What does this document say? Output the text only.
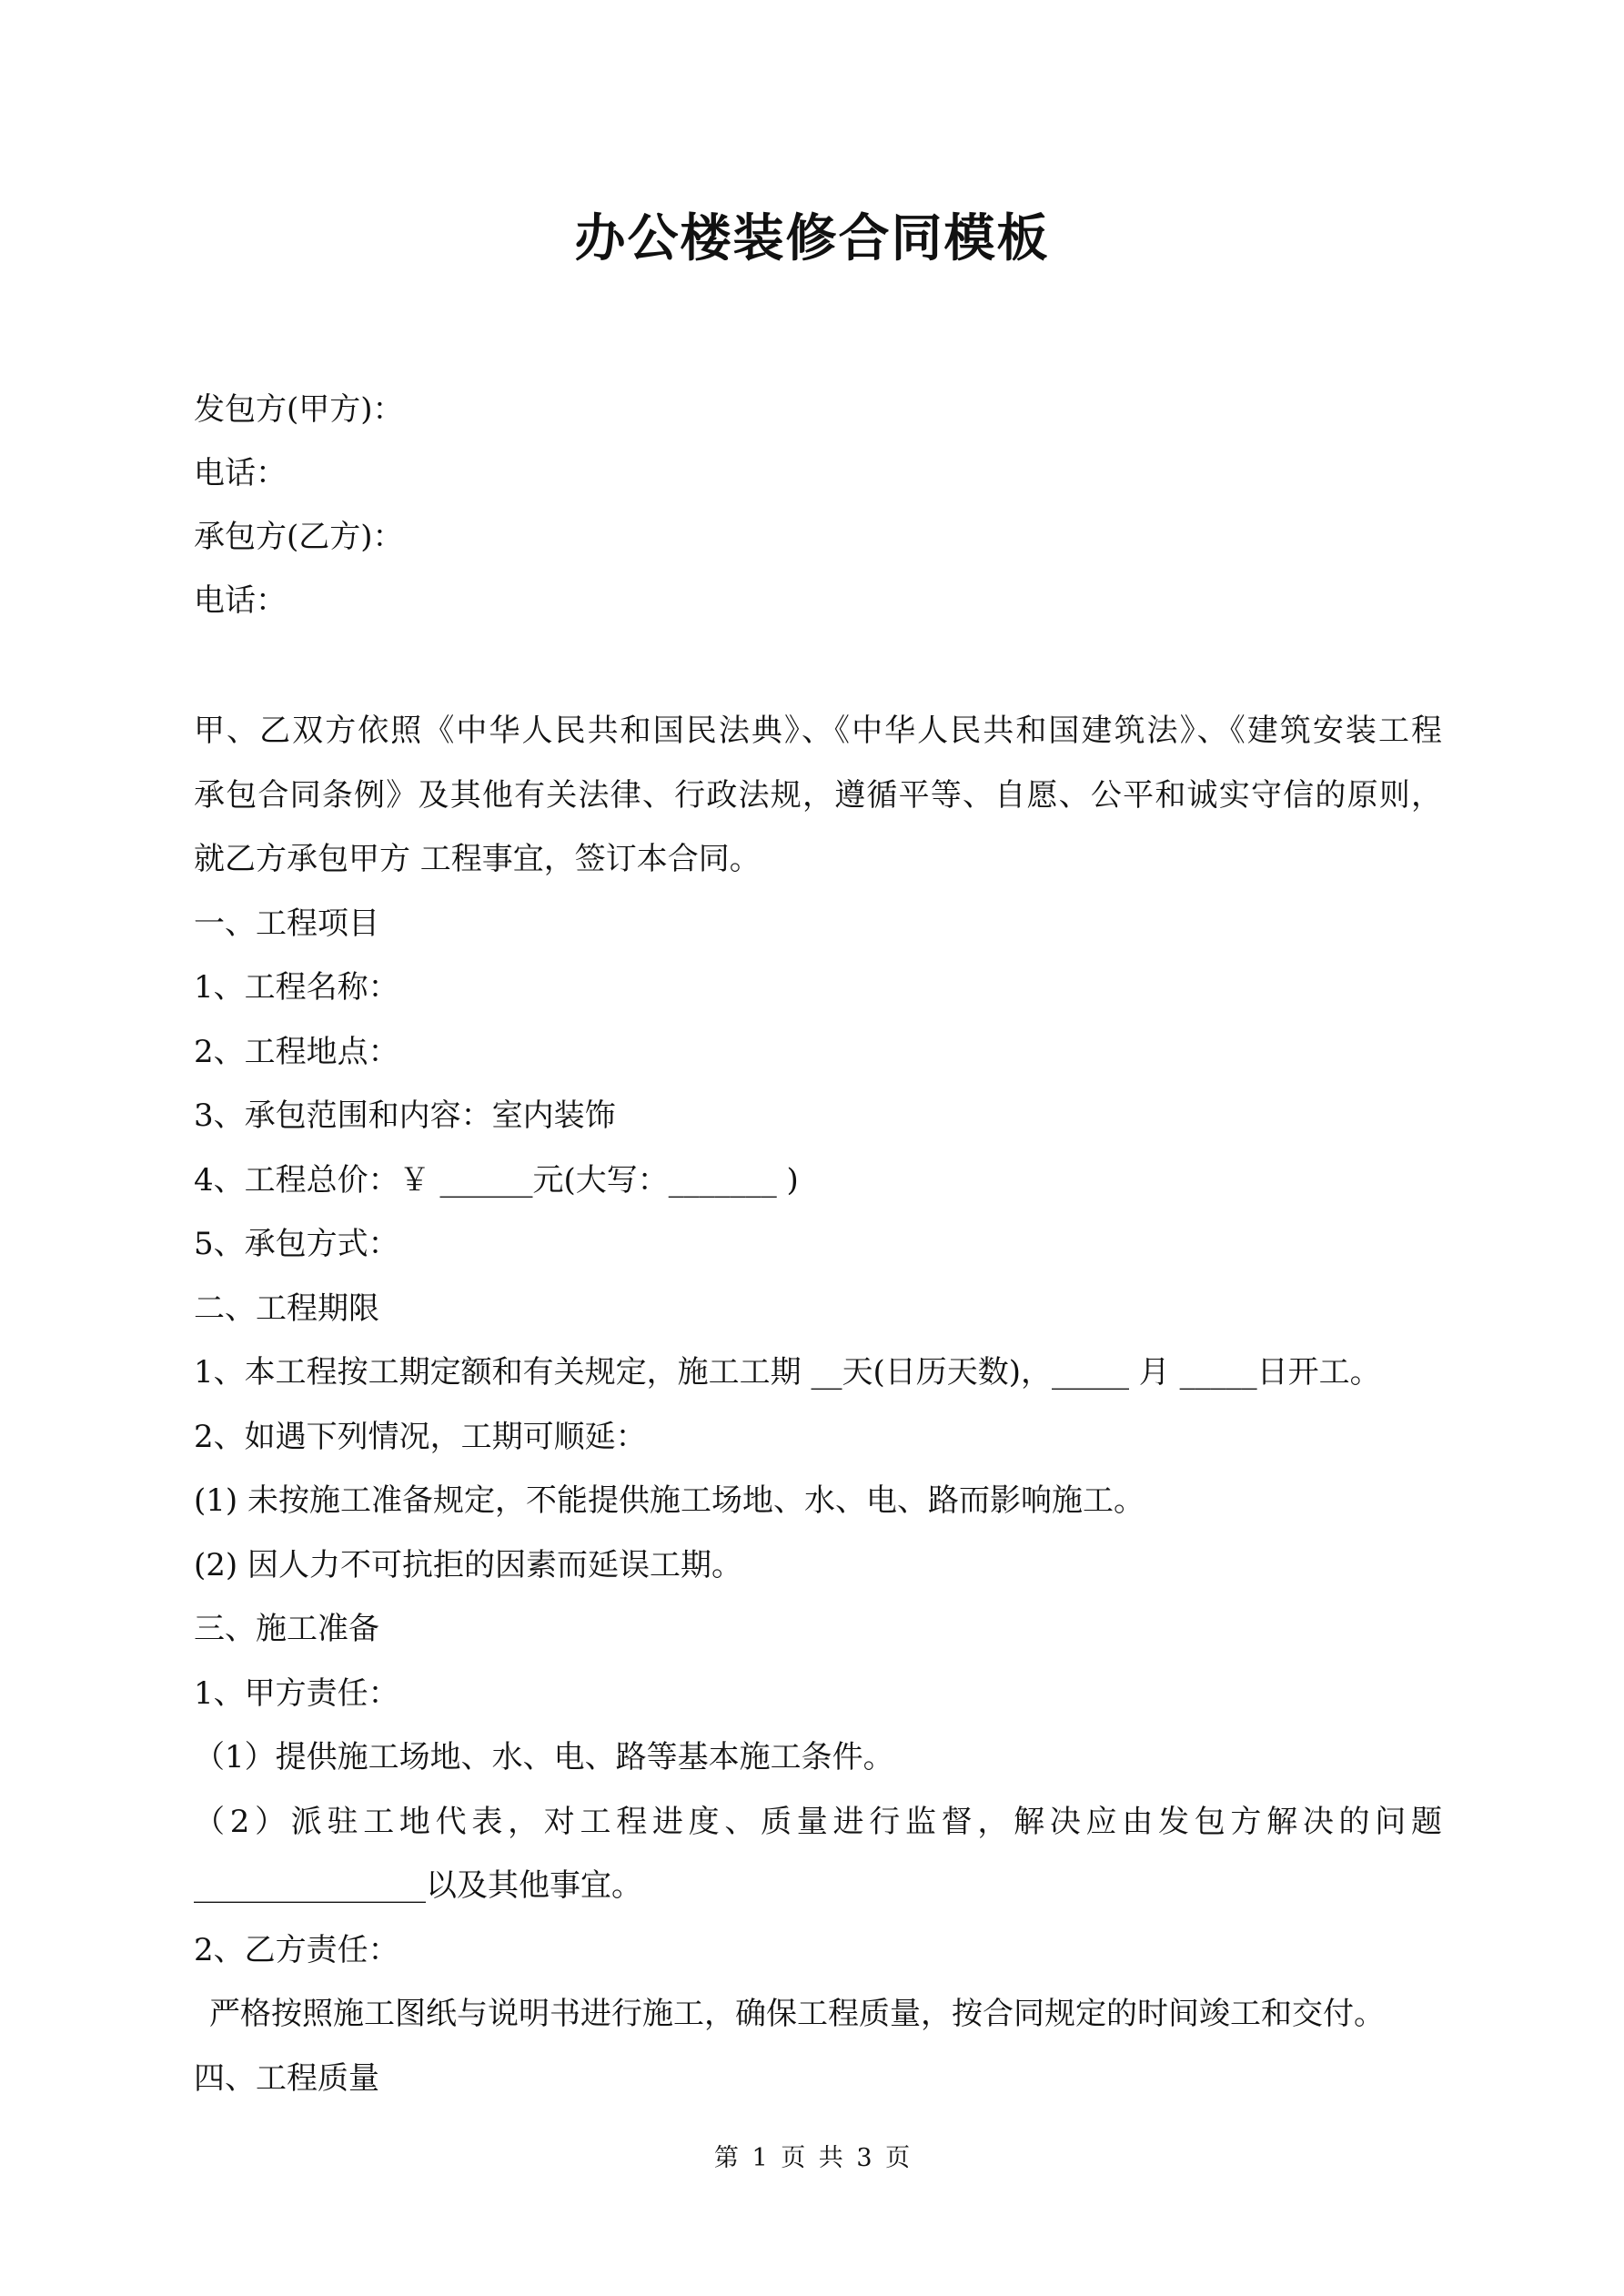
办公楼装修合同模板
发包方(甲方)：
电话：
承包方(乙方)：
电话：
甲、乙双方依照《中华人民共和国民法典》、《中华人民共和国建筑法》、《建筑安装工程
承包合同条例》及其他有关法律、行政法规，遵循平等、自愿、公平和诚实守信的原则，
就乙方承包甲方 工程事宜，签订本合同。
一、工程项目
1、工程名称：
2、工程地点：
3、承包范围和内容：室内装饰
4、工程总价：￥ ______元(大写：_______ )
5、承包方式：
二、工程期限
1、本工程按工期定额和有关规定，施工工期 __天(日历天数)，_____ 月 _____日开工。
2、如遇下列情况，工期可顺延：
(1) 未按施工准备规定，不能提供施工场地、水、电、路而影响施工。
(2) 因人力不可抗拒的因素而延误工期。
三、施工准备
1、甲方责任：
（1）提供施工场地、水、电、路等基本施工条件。
（2）派驻工地代表，对工程进度、质量进行监督，解决应由发包方解决的问题
_______________以及其他事宜。
2、乙方责任：
严格按照施工图纸与说明书进行施工，确保工程质量，按合同规定的时间竣工和交付。
四、工程质量
第 1 页 共 3 页
